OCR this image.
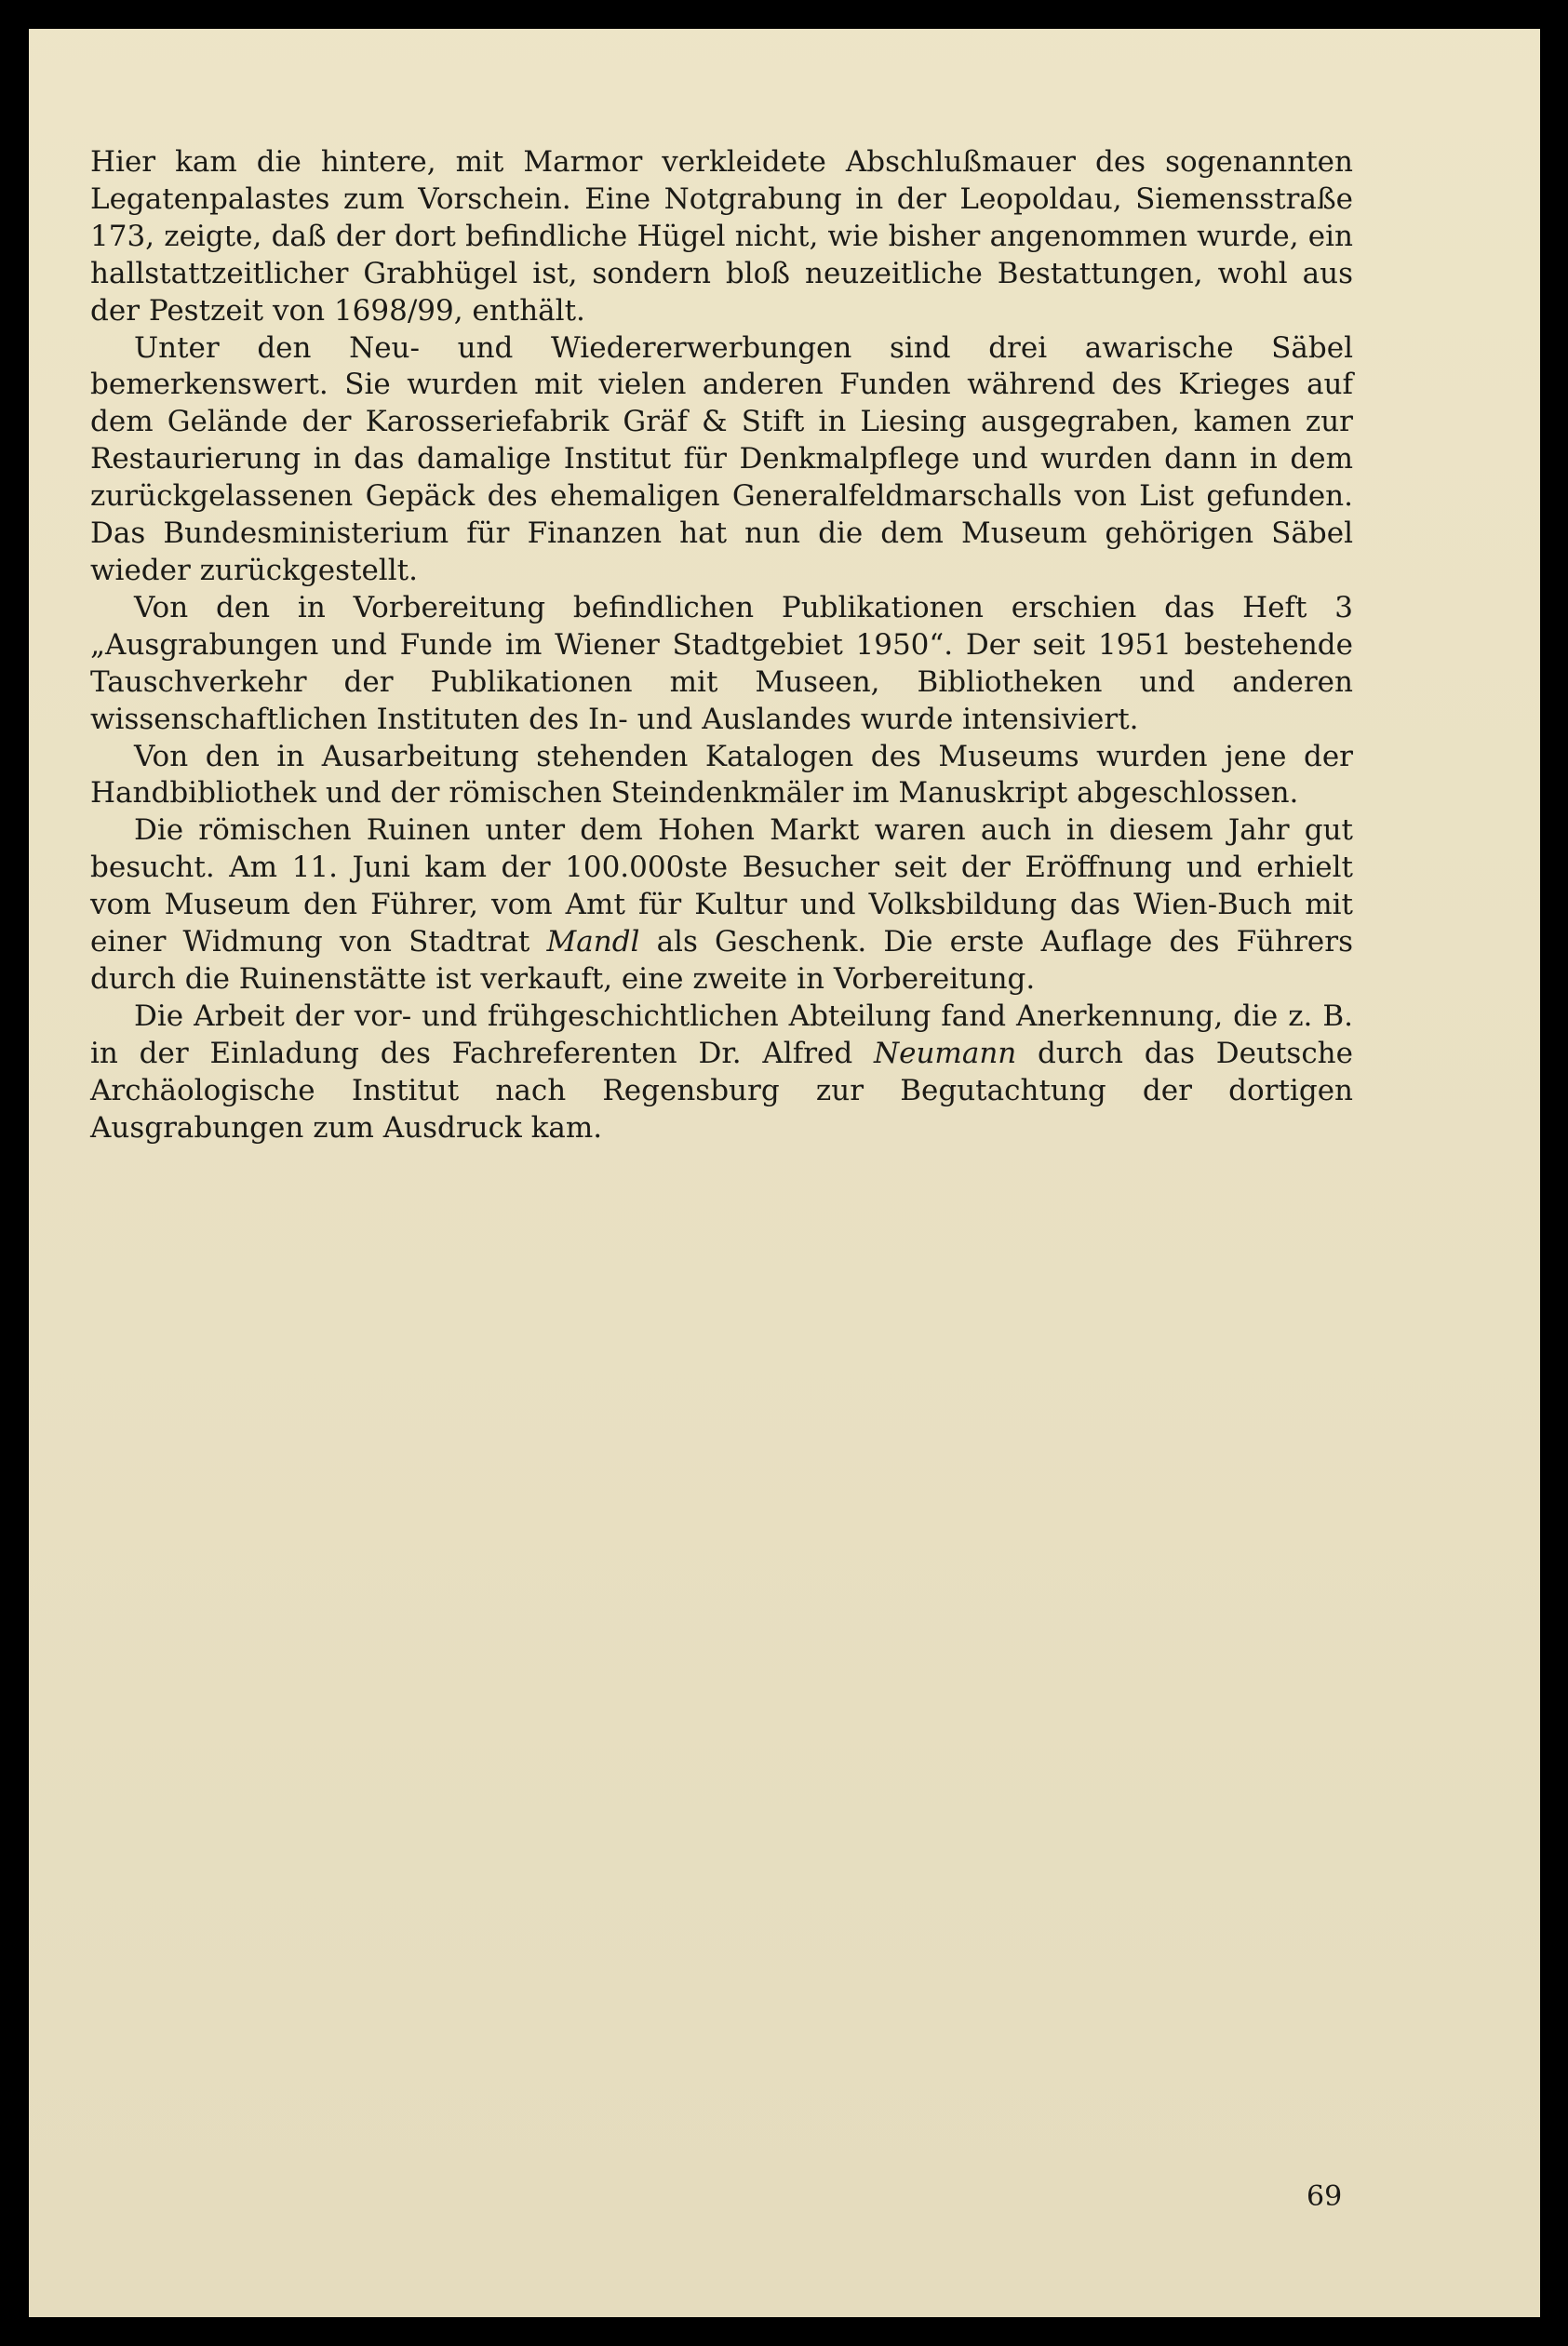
Hier kam die hintere, mit Marmor verkleidete Abschlußmauer des sogenannten Legatenpalastes zum Vorschein. Eine Notgrabung in der Leopoldau, Siemensstraße 173, zeigte, daß der dort befindliche Hügel nicht, wie bisher angenommen wurde, ein hallstattzeitlicher Grabhügel ist, sondern bloß neuzeitliche Bestattungen, wohl aus der Pestzeit von 1698/99, enthält.

Unter den Neu- und Wiedererwerbungen sind drei awarische Säbel bemerkenswert. Sie wurden mit vielen anderen Funden während des Krieges auf dem Gelände der Karosseriefabrik Gräf & Stift in Liesing ausgegraben, kamen zur Restaurierung in das damalige Institut für Denkmalpflege und wurden dann in dem zurückgelassenen Gepäck des ehemaligen Generalfeldmarschalls von List gefunden. Das Bundesministerium für Finanzen hat nun die dem Museum gehörigen Säbel wieder zurückgestellt.

Von den in Vorbereitung befindlichen Publikationen erschien das Heft 3 „Ausgrabungen und Funde im Wiener Stadtgebiet 1950“. Der seit 1951 bestehende Tauschverkehr der Publikationen mit Museen, Bibliotheken und anderen wissenschaftlichen Instituten des In- und Auslandes wurde intensiviert.

Von den in Ausarbeitung stehenden Katalogen des Museums wurden jene der Handbibliothek und der römischen Steindenkmäler im Manuskript abgeschlossen.

Die römischen Ruinen unter dem Hohen Markt waren auch in diesem Jahr gut besucht. Am 11. Juni kam der 100.000ste Besucher seit der Eröffnung und erhielt vom Museum den Führer, vom Amt für Kultur und Volksbildung das Wien-Buch mit einer Widmung von Stadtrat Mandl als Geschenk. Die erste Auflage des Führers durch die Ruinenstätte ist verkauft, eine zweite in Vorbereitung.

Die Arbeit der vor- und frühgeschichtlichen Abteilung fand Anerkennung, die z. B. in der Einladung des Fachreferenten Dr. Alfred Neumann durch das Deutsche Archäologische Institut nach Regensburg zur Begutachtung der dortigen Ausgrabungen zum Ausdruck kam.

69
